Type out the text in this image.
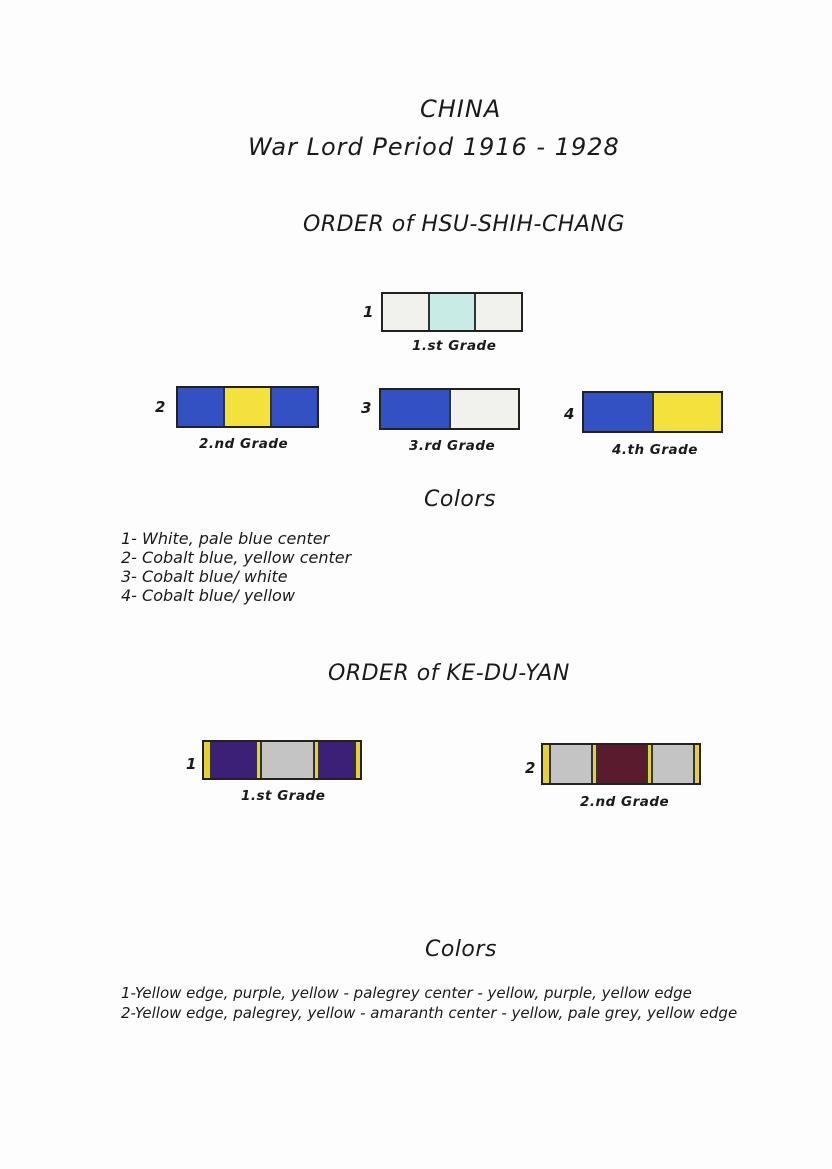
CHINA
War Lord Period 1916 - 1928
ORDER of HSU-SHIH-CHANG
1
1.st Grade
2
2.nd Grade
3
3.rd Grade
4
4.th Grade
Colors
1- White, pale blue center
2- Cobalt blue, yellow center
3- Cobalt blue/ white
4- Cobalt blue/ yellow
ORDER of KE-DU-YAN
1
1.st Grade
2
2.nd Grade
Colors
1-Yellow edge, purple, yellow - palegrey center - yellow, purple, yellow edge
2-Yellow edge, palegrey, yellow - amaranth center - yellow, pale grey, yellow edge
